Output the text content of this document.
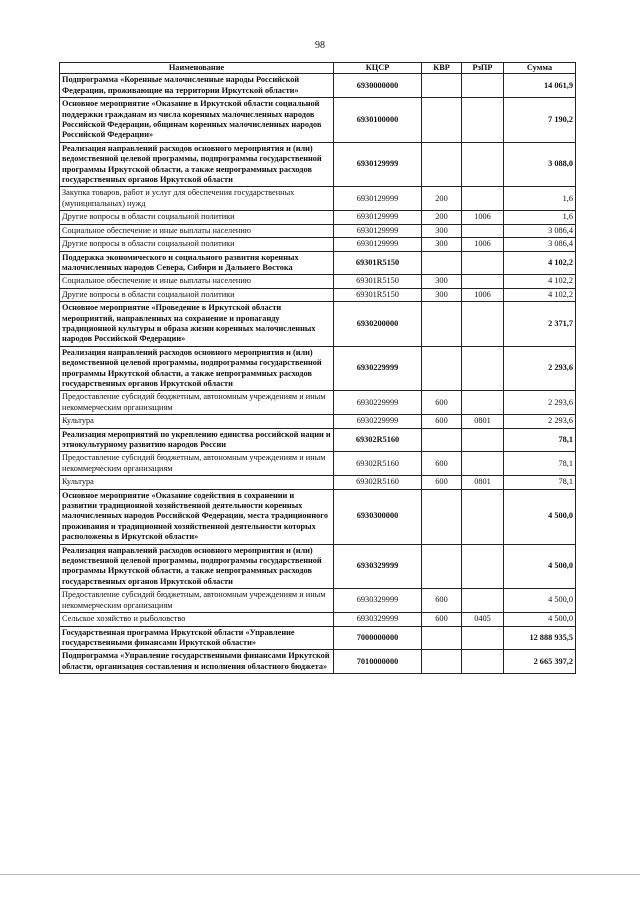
98
Наименование	КЦСР	КВР	РзПР	Сумма
Подпрограмма «Коренные малочисленные народы Российской Федерации, проживающие на территории Иркутской области»	6930000000			14 061,9
Основное мероприятие «Оказание в Иркутской области социальной поддержки гражданам из числа коренных малочисленных народов Российской Федерации, общинам коренных малочисленных народов Российской Федерации»	6930100000			7 190,2
Реализация направлений расходов основного мероприятия и (или) ведомственной целевой программы, подпрограммы государственной программы Иркутской области, а также непрограммных расходов государственных органов Иркутской области	6930129999			3 088,0
Закупка товаров, работ и услуг для обеспечения государственных (муниципальных) нужд	6930129999	200		1,6
Другие вопросы в области социальной политики	6930129999	200	1006	1,6
Социальное обеспечение и иные выплаты населению	6930129999	300		3 086,4
Другие вопросы в области социальной политики	6930129999	300	1006	3 086,4
Поддержка экономического и социального развития коренных малочисленных народов Севера, Сибири и Дальнего Востока	69301R5150			4 102,2
Социальное обеспечение и иные выплаты населению	69301R5150	300		4 102,2
Другие вопросы в области социальной политики	69301R5150	300	1006	4 102,2
Основное мероприятие «Проведение в Иркутской области мероприятий, направленных на сохранение и пропаганду традиционной культуры и образа жизни коренных малочисленных народов Российской Федерации»	6930200000			2 371,7
Реализация направлений расходов основного мероприятия и (или) ведомственной целевой программы, подпрограммы государственной программы Иркутской области, а также непрограммных расходов государственных органов Иркутской области	6930229999			2 293,6
Предоставление субсидий бюджетным, автономным учреждениям и иным некоммерческим организациям	6930229999	600		2 293,6
Культура	6930229999	600	0801	2 293,6
Реализация мероприятий по укреплению единства российской нации и этнокультурному развитию народов России	69302R5160			78,1
Предоставление субсидий бюджетным, автономным учреждениям и иным некоммерческим организациям	69302R5160	600		78,1
Культура	69302R5160	600	0801	78,1
Основное мероприятие «Оказание содействия в сохранении и развитии традиционной хозяйственной деятельности коренных малочисленных народов Российской Федерации, места традиционного проживания и традиционной хозяйственной деятельности которых расположены в Иркутской области»	6930300000			4 500,0
Реализация направлений расходов основного мероприятия и (или) ведомственной целевой программы, подпрограммы государственной программы Иркутской области, а также непрограммных расходов государственных органов Иркутской области	6930329999			4 500,0
Предоставление субсидий бюджетным, автономным учреждениям и иным некоммерческим организациям	6930329999	600		4 500,0
Сельское хозяйство и рыболовство	6930329999	600	0405	4 500,0
Государственная программа Иркутской области «Управление государственными финансами Иркутской области»	7000000000			12 888 935,5
Подпрограмма «Управление государственными финансами Иркутской области, организация составления и исполнения областного бюджета»	7010000000			2 665 397,2
